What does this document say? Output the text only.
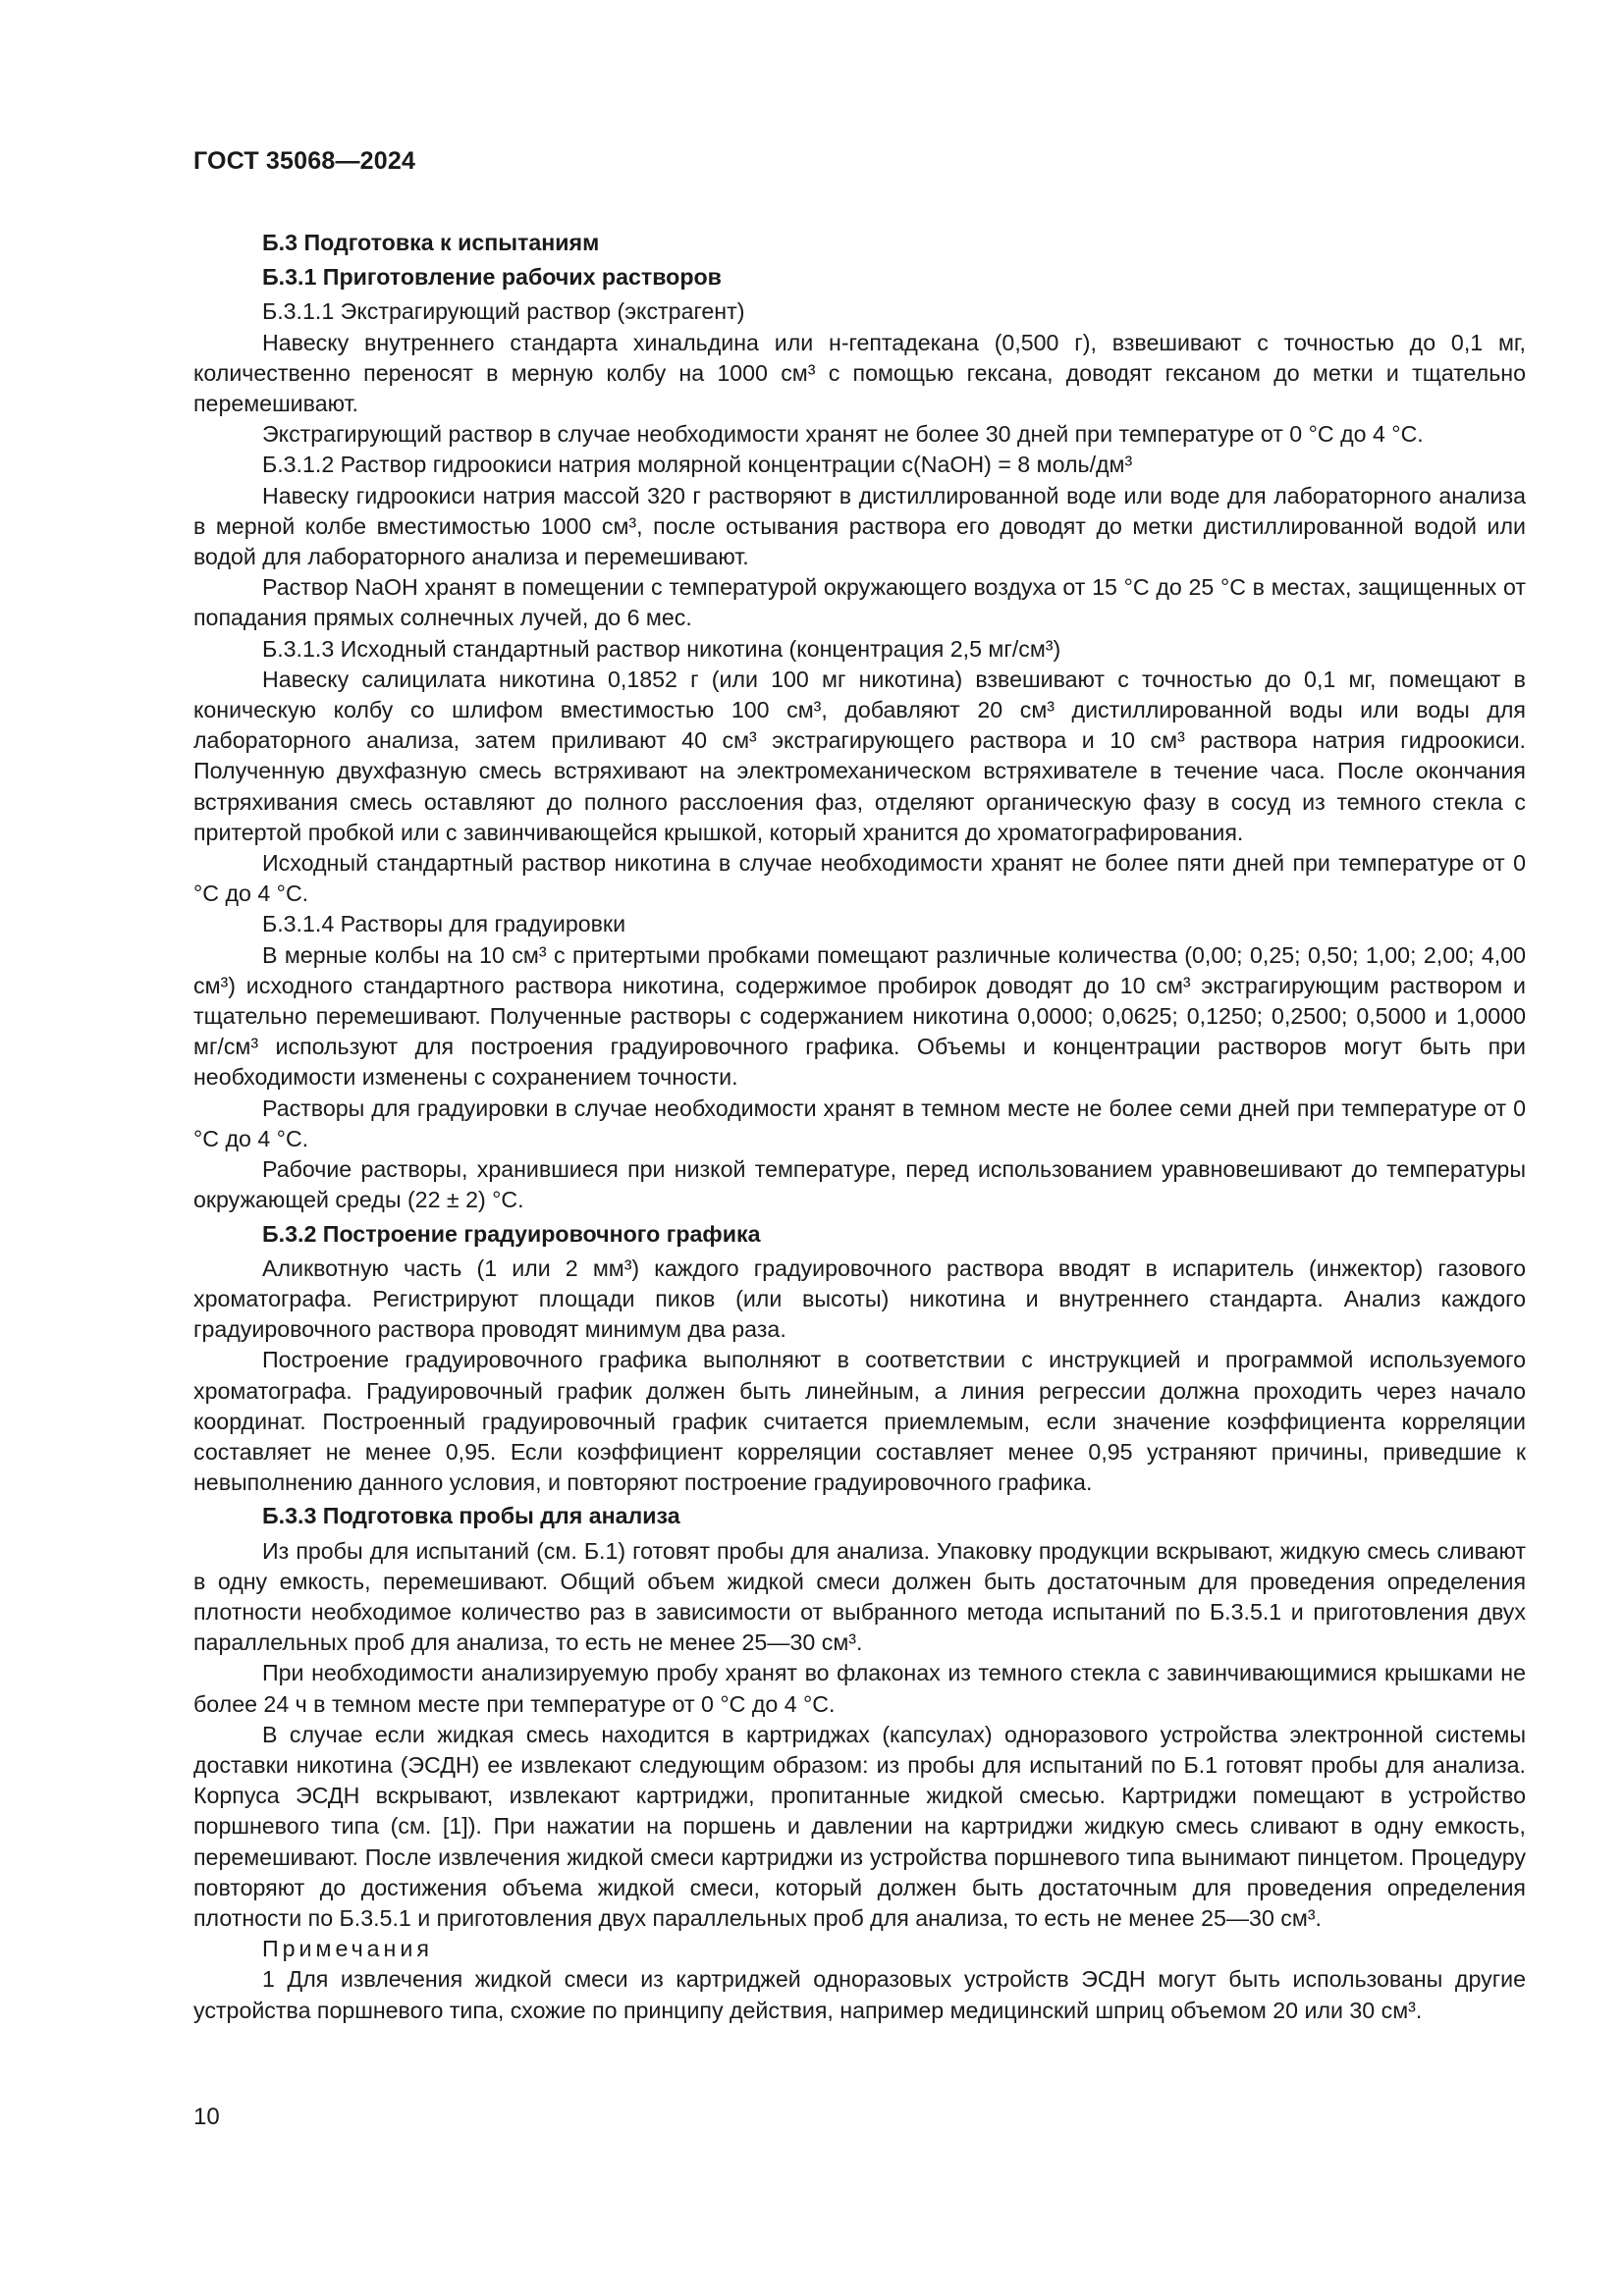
ГОСТ 35068—2024

Б.3 Подготовка к испытаниям

Б.3.1 Приготовление рабочих растворов

Б.3.1.1 Экстрагирующий раствор (экстрагент)

Навеску внутреннего стандарта хинальдина или н-гептадекана (0,500 г), взвешивают с точностью до 0,1 мг, количественно переносят в мерную колбу на 1000 см³ с помощью гексана, доводят гексаном до метки и тщательно перемешивают.

Экстрагирующий раствор в случае необходимости хранят не более 30 дней при температуре от 0 °С до 4 °С.

Б.3.1.2 Раствор гидроокиси натрия молярной концентрации с(NaOH) = 8 моль/дм³

Навеску гидроокиси натрия массой 320 г растворяют в дистиллированной воде или воде для лабораторного анализа в мерной колбе вместимостью 1000 см³, после остывания раствора его доводят до метки дистиллированной водой или водой для лабораторного анализа и перемешивают.

Раствор NaOH хранят в помещении с температурой окружающего воздуха от 15 °С до 25 °С в местах, защищенных от попадания прямых солнечных лучей, до 6 мес.

Б.3.1.3 Исходный стандартный раствор никотина (концентрация 2,5 мг/см³)

Навеску салицилата никотина 0,1852 г (или 100 мг никотина) взвешивают с точностью до 0,1 мг, помещают в коническую колбу со шлифом вместимостью 100 см³, добавляют 20 см³ дистиллированной воды или воды для лабораторного анализа, затем приливают 40 см³ экстрагирующего раствора и 10 см³ раствора натрия гидроокиси. Полученную двухфазную смесь встряхивают на электромеханическом встряхивателе в течение часа. После окончания встряхивания смесь оставляют до полного расслоения фаз, отделяют органическую фазу в сосуд из темного стекла с притертой пробкой или с завинчивающейся крышкой, который хранится до хроматографирования.

Исходный стандартный раствор никотина в случае необходимости хранят не более пяти дней при температуре от 0 °С до 4 °С.

Б.3.1.4 Растворы для градуировки

В мерные колбы на 10 см³ с притертыми пробками помещают различные количества (0,00; 0,25; 0,50; 1,00; 2,00; 4,00 см³) исходного стандартного раствора никотина, содержимое пробирок доводят до 10 см³ экстрагирующим раствором и тщательно перемешивают. Полученные растворы с содержанием никотина 0,0000; 0,0625; 0,1250; 0,2500; 0,5000 и 1,0000 мг/см³ используют для построения градуировочного графика. Объемы и концентрации растворов могут быть при необходимости изменены с сохранением точности.

Растворы для градуировки в случае необходимости хранят в темном месте не более семи дней при температуре от 0 °С до 4 °С.

Рабочие растворы, хранившиеся при низкой температуре, перед использованием уравновешивают до температуры окружающей среды (22 ± 2) °С.

Б.3.2 Построение градуировочного графика

Аликвотную часть (1 или 2 мм³) каждого градуировочного раствора вводят в испаритель (инжектор) газового хроматографа. Регистрируют площади пиков (или высоты) никотина и внутреннего стандарта. Анализ каждого градуировочного раствора проводят минимум два раза.

Построение градуировочного графика выполняют в соответствии с инструкцией и программой используемого хроматографа. Градуировочный график должен быть линейным, а линия регрессии должна проходить через начало координат. Построенный градуировочный график считается приемлемым, если значение коэффициента корреляции составляет не менее 0,95. Если коэффициент корреляции составляет менее 0,95 устраняют причины, приведшие к невыполнению данного условия, и повторяют построение градуировочного графика.

Б.3.3 Подготовка пробы для анализа

Из пробы для испытаний (см. Б.1) готовят пробы для анализа. Упаковку продукции вскрывают, жидкую смесь сливают в одну емкость, перемешивают. Общий объем жидкой смеси должен быть достаточным для проведения определения плотности необходимое количество раз в зависимости от выбранного метода испытаний по Б.3.5.1 и приготовления двух параллельных проб для анализа, то есть не менее 25—30 см³.

При необходимости анализируемую пробу хранят во флаконах из темного стекла с завинчивающимися крышками не более 24 ч в темном месте при температуре от 0 °С до 4 °С.

В случае если жидкая смесь находится в картриджах (капсулах) одноразового устройства электронной системы доставки никотина (ЭСДН) ее извлекают следующим образом: из пробы для испытаний по Б.1 готовят пробы для анализа. Корпуса ЭСДН вскрывают, извлекают картриджи, пропитанные жидкой смесью. Картриджи помещают в устройство поршневого типа (см. [1]). При нажатии на поршень и давлении на картриджи жидкую смесь сливают в одну емкость, перемешивают. После извлечения жидкой смеси картриджи из устройства поршневого типа вынимают пинцетом. Процедуру повторяют до достижения объема жидкой смеси, который должен быть достаточным для проведения определения плотности по Б.3.5.1 и приготовления двух параллельных проб для анализа, то есть не менее 25—30 см³.

Примечания

1 Для извлечения жидкой смеси из картриджей одноразовых устройств ЭСДН могут быть использованы другие устройства поршневого типа, схожие по принципу действия, например медицинский шприц объемом 20 или 30 см³.

10
